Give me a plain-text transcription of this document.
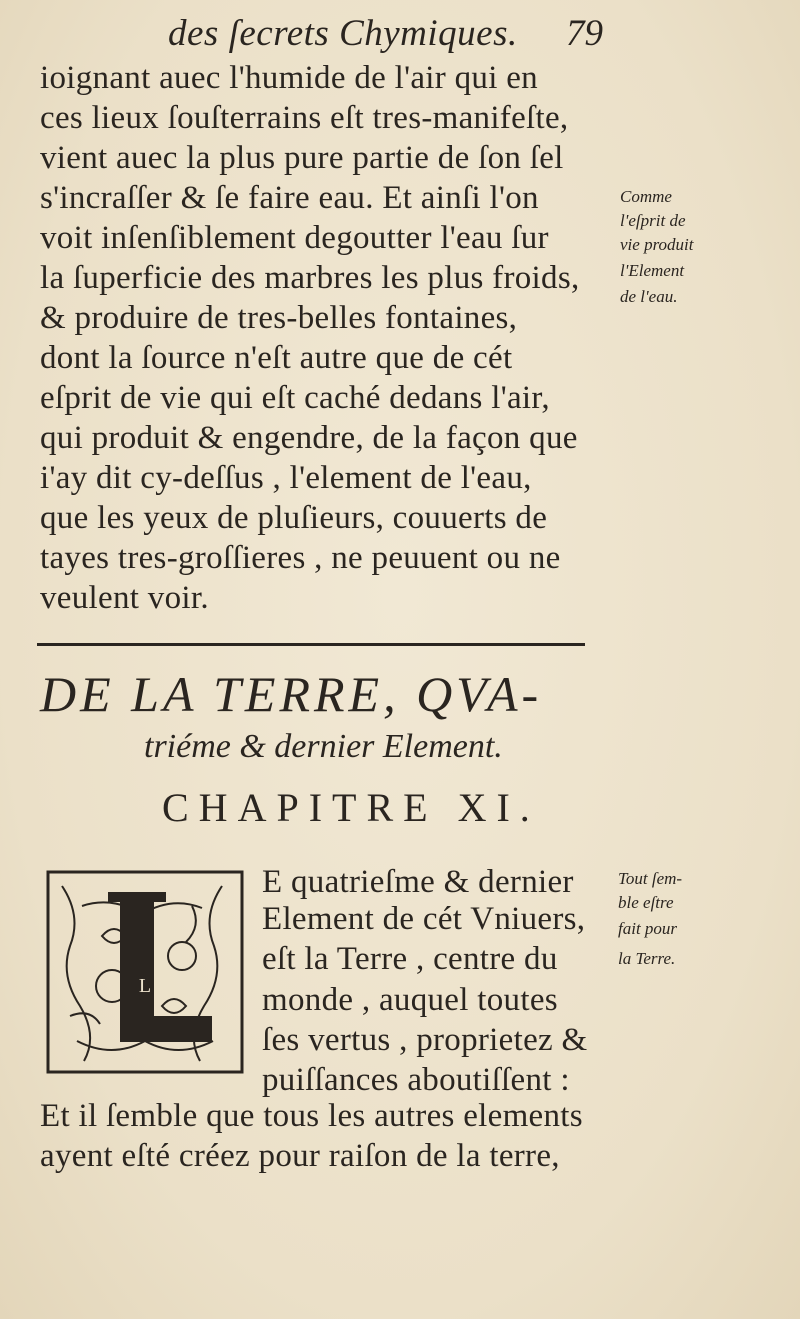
des ſecrets Chymiques. 79
ioignant auec l'humide de l'air qui en
ces lieux ſouſterrains eſt tres-manifeſte,
vient auec la plus pure partie de ſon ſel
s'incraſſer & ſe faire eau. Et ainſi l'on
voit inſenſiblement degoutter l'eau ſur
la ſuperficie des marbres les plus froids,
& produire de tres-belles fontaines,
dont la ſource n'eſt autre que de cét
eſprit de vie qui eſt caché dedans l'air,
qui produit & engendre, de la façon que
i'ay dit cy-deſſus , l'element de l'eau,
que les yeux de pluſieurs, couuerts de
tayes tres-groſſieres , ne peuuent ou ne
veulent voir.
Comme
l'eſprit de
vie produit
l'Element
de l'eau.
DE LA TERRE, QVA-
triéme & dernier Element.
CHAPITRE XI.
L
E quatrieſme & dernier
Element de cét Vniuers,
eſt la Terre , centre du
monde , auquel toutes
ſes vertus , proprietez &
puiſſances aboutiſſent :
Et il ſemble que tous les autres elements
ayent eſté créez pour raiſon de la terre,
Tout ſem-
ble eſtre
fait pour
la Terre.
